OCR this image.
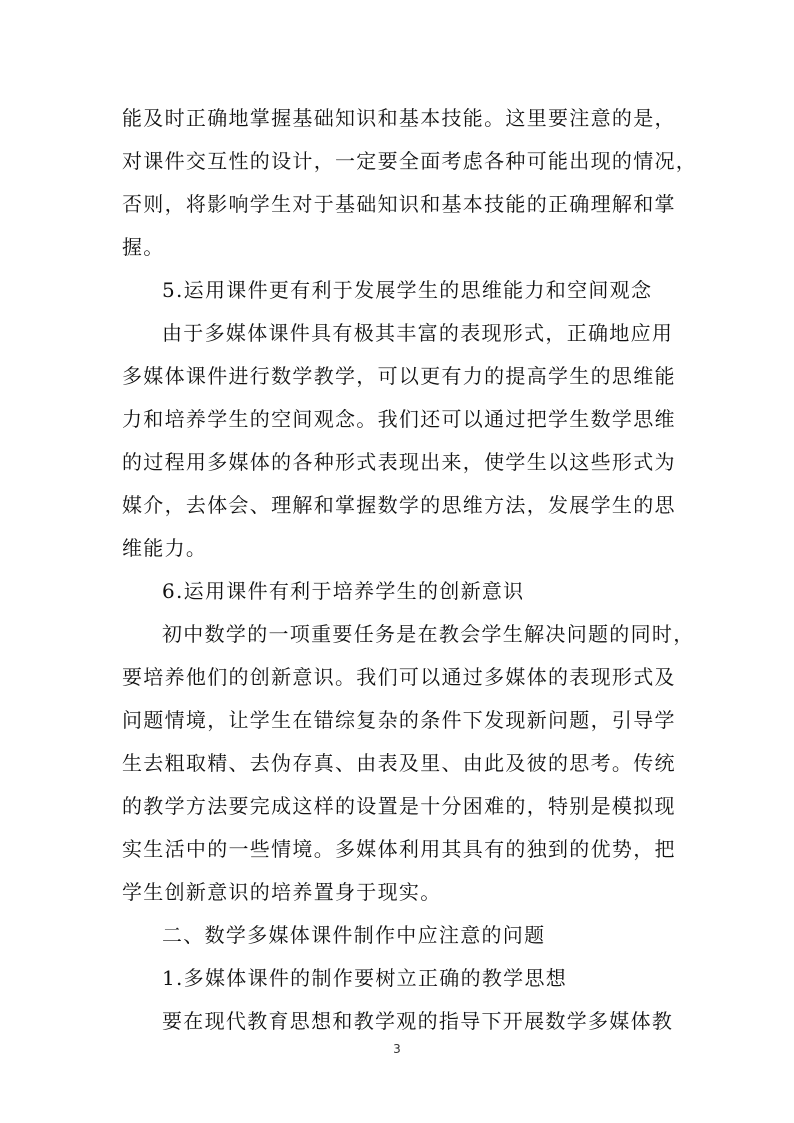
能及时正确地掌握基础知识和基本技能。这里要注意的是，
对课件交互性的设计，一定要全面考虑各种可能出现的情况，
否则，将影响学生对于基础知识和基本技能的正确理解和掌
握。
5.运用课件更有利于发展学生的思维能力和空间观念
由于多媒体课件具有极其丰富的表现形式，正确地应用
多媒体课件进行数学教学，可以更有力的提高学生的思维能
力和培养学生的空间观念。我们还可以通过把学生数学思维
的过程用多媒体的各种形式表现出来，使学生以这些形式为
媒介，去体会、理解和掌握数学的思维方法，发展学生的思
维能力。
6.运用课件有利于培养学生的创新意识
初中数学的一项重要任务是在教会学生解决问题的同时，
要培养他们的创新意识。我们可以通过多媒体的表现形式及
问题情境，让学生在错综复杂的条件下发现新问题，引导学
生去粗取精、去伪存真、由表及里、由此及彼的思考。传统
的教学方法要完成这样的设置是十分困难的，特别是模拟现
实生活中的一些情境。多媒体利用其具有的独到的优势，把
学生创新意识的培养置身于现实。
二、数学多媒体课件制作中应注意的问题
1.多媒体课件的制作要树立正确的教学思想
要在现代教育思想和教学观的指导下开展数学多媒体教
3
